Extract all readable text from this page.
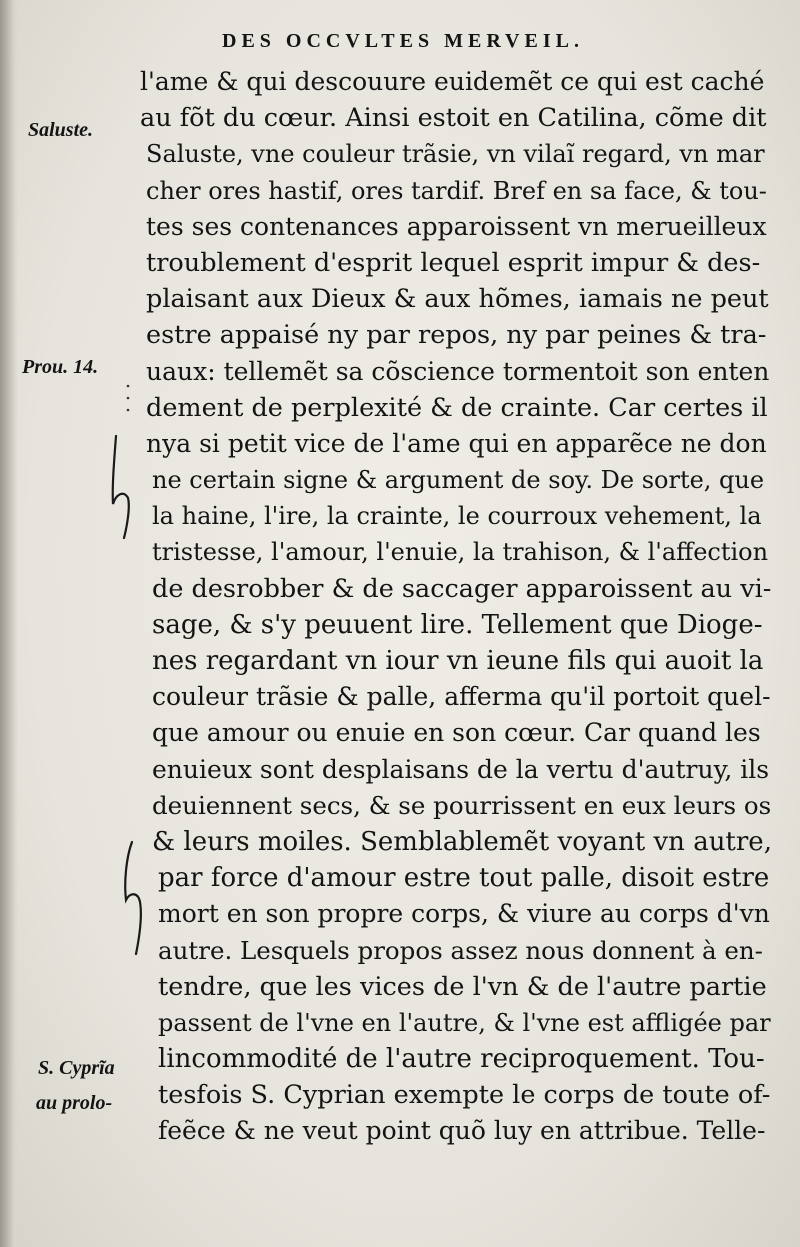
DES OCCVLTES MERVEIL.
Saluste.
Prou. 14.
S. Cyprĩa
au prolo-
l'ame & qui descouure euidemẽt ce qui est caché
au fõt du cœur. Ainsi estoit en Catilina, cõme dit
Saluste, vne couleur trãsie, vn vilaĩ regard, vn mar
cher ores hastif, ores tardif. Bref en sa face, & tou-
tes ses contenances apparoissent vn merueilleux
troublement d'esprit lequel esprit impur & des-
plaisant aux Dieux & aux hõmes, iamais ne peut
estre appaisé ny par repos, ny par peines & tra-
uaux: tellemẽt sa cõscience tormentoit son enten
dement de perplexité & de crainte. Car certes il
nya si petit vice de l'ame qui en apparẽce ne don
ne certain signe & argument de soy. De sorte, que
la haine, l'ire, la crainte, le courroux vehement, la
tristesse, l'amour, l'enuie, la trahison, & l'affection
de desrobber & de saccager apparoissent au vi-
sage, & s'y peuuent lire. Tellement que Dioge-
nes regardant vn iour vn ieune fils qui auoit la
couleur trãsie & palle, afferma qu'il portoit quel-
que amour ou enuie en son cœur. Car quand les
enuieux sont desplaisans de la vertu d'autruy, ils
deuiennent secs, & se pourrissent en eux leurs os
& leurs moiles. Semblablemẽt voyant vn autre,
par force d'amour estre tout palle, disoit estre
mort en son propre corps, & viure au corps d'vn
autre. Lesquels propos assez nous donnent à en-
tendre, que les vices de l'vn & de l'autre partie
passent de l'vne en l'autre, & l'vne est affligée par
lincommodité de l'autre reciproquement. Tou-
tesfois S. Cyprian exempte le corps de toute of-
feẽce & ne veut point quõ luy en attribue. Telle-
